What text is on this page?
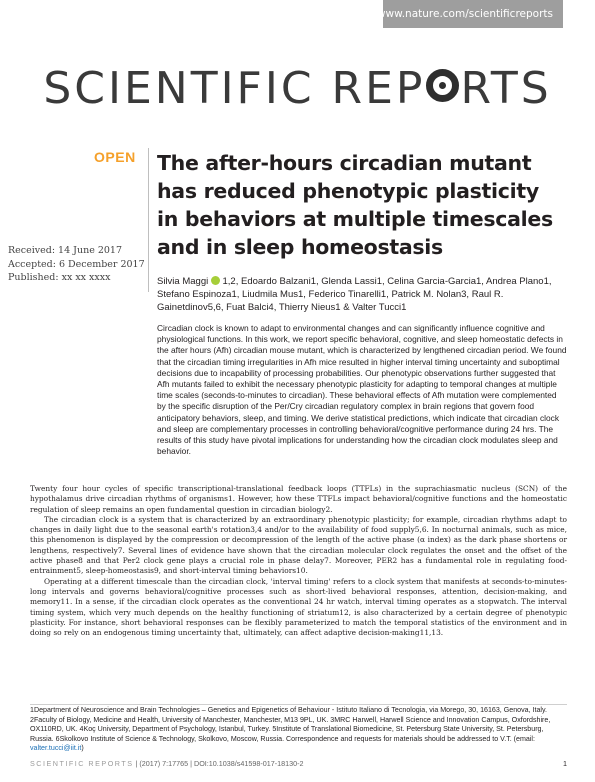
www.nature.com/scientificreports
SCIENTIFIC REP RTS
OPEN The after-hours circadian mutant has reduced phenotypic plasticity in behaviors at multiple timescales and in sleep homeostasis
Received: 14 June 2017
Accepted: 6 December 2017
Published: xx xx xxxx	Silvia Maggi 1,2, Edoardo Balzani1, Glenda Lassi1, Celina Garcia-Garcia1, Andrea Plano1, Stefano Espinoza1, Liudmila Mus1, Federico Tinarelli1, Patrick M. Nolan3, Raul R. Gainetdinov5,6, Fuat Balci4, Thierry Nieus1 & Valter Tucci1

Circadian clock is known to adapt to environmental changes and can significantly influence cognitive and physiological functions. In this work, we report specific behavioral, cognitive, and sleep homeostatic defects in the after hours (Afh) circadian mouse mutant, which is characterized by lengthened circadian period. We found that the circadian timing irregularities in Afh mice resulted in higher interval timing uncertainty and suboptimal decisions due to incapability of processing probabilities. Our phenotypic observations further suggested that Afh mutants failed to exhibit the necessary phenotypic plasticity for adapting to temporal changes at multiple time scales (seconds-to-minutes to circadian). These behavioral effects of Afh mutation were complemented by the specific disruption of the Per/Cry circadian regulatory complex in brain regions that govern food anticipatory behaviors, sleep, and timing. We derive statistical predictions, which indicate that circadian clock and sleep are complementary processes in controlling behavioral/cognitive performance during 24 hrs. The results of this study have pivotal implications for understanding how the circadian clock modulates sleep and behavior.

Twenty four hour cycles of specific transcriptional-translational feedback loops (TTFLs) in the suprachiasmatic nucleus (SCN) of the hypothalamus drive circadian rhythms of organisms1. However, how these TTFLs impact behavioral/cognitive functions and the homeostatic regulation of sleep remains an open fundamental question in circadian biology2.

The circadian clock is a system that is characterized by an extraordinary phenotypic plasticity; for example, circadian rhythms adapt to changes in daily light due to the seasonal earth's rotation3,4 and/or to the availability of food supply5,6. In nocturnal animals, such as mice, this phenomenon is displayed by the compression or decompression of the length of the active phase (α index) as the dark phase shortens or lengthens, respectively7. Several lines of evidence have shown that the circadian molecular clock regulates the onset and the offset of the active phase8 and that Per2 clock gene plays a crucial role in phase delay7. Moreover, PER2 has a fundamental role in regulating food-entrainment5, sleep-homeostasis9, and short-interval timing behaviors10.

Operating at a different timescale than the circadian clock, 'interval timing' refers to a clock system that manifests at seconds-to-minutes-long intervals and governs behavioral/cognitive processes such as short-lived behavioral responses, attention, decision-making, and memory11. In a sense, if the circadian clock operates as the conventional 24 hr watch, interval timing operates as a stopwatch. The interval timing system, which very much depends on the healthy functioning of striatum12, is also characterized by a certain degree of phenotypic plasticity. For instance, short behavioral responses can be flexibly parameterized to match the temporal statistics of the environment and in doing so rely on an endogenous timing uncertainty that, ultimately, can affect adaptive decision-making11,13.

1Department of Neuroscience and Brain Technologies – Genetics and Epigenetics of Behaviour - Istituto Italiano di Tecnologia, via Morego, 30, 16163, Genova, Italy. 2Faculty of Biology, Medicine and Health, University of Manchester, Manchester, M13 9PL, UK. 3MRC Harwell, Harwell Science and Innovation Campus, Oxfordshire, OX110RD, UK. 4Koç University, Department of Psychology, Istanbul, Turkey. 5Institute of Translational Biomedicine, St. Petersburg State University, St. Petersburg, Russia. 6Skolkovo Institute of Science & Technology, Skolkovo, Moscow, Russia. Correspondence and requests for materials should be addressed to V.T. (email: valter.tucci@iit.it)
SCIENTIFIC REPORTS | (2017) 7:17765 | DOI:10.1038/s41598-017-18130-2	1
